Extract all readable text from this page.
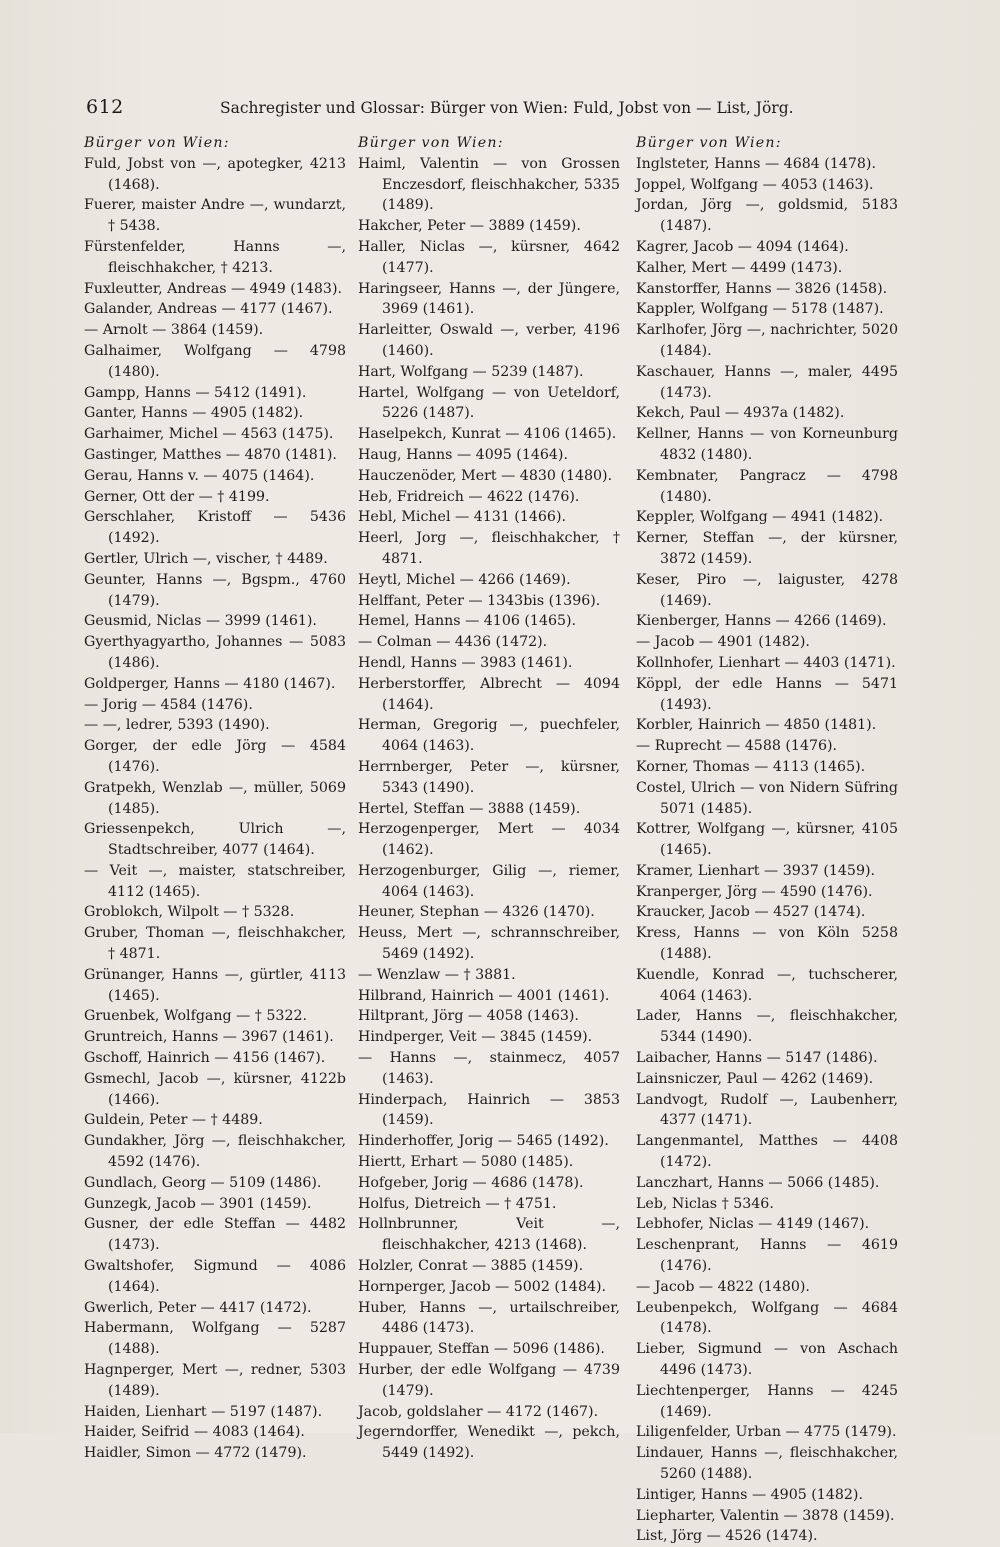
612	Sachregister und Glossar: Bürger von Wien: Fuld, Jobst von — List, Jörg.
Bürger von Wien:
Fuld, Jobst von —, apotegker, 4213 (1468).
Fuerer, maister Andre —, wundarzt, † 5438.
Fürstenfelder, Hanns —, fleischhakcher, † 4213.
Fuxleutter, Andreas — 4949 (1483).
Galander, Andreas — 4177 (1467).
— Arnolt — 3864 (1459).
Galhaimer, Wolfgang — 4798 (1480).
Gampp, Hanns — 5412 (1491).
Ganter, Hanns — 4905 (1482).
Garhaimer, Michel — 4563 (1475).
Gastinger, Matthes — 4870 (1481).
Gerau, Hanns v. — 4075 (1464).
Gerner, Ott der — † 4199.
Gerschlaher, Kristoff — 5436 (1492).
Gertler, Ulrich —, vischer, † 4489.
Geunter, Hanns —, Bgspm., 4760 (1479).
Geusmid, Niclas — 3999 (1461).
Gyerthyagyartho, Johannes — 5083 (1486).
Goldperger, Hanns — 4180 (1467).
— Jorig — 4584 (1476).
— —, ledrer, 5393 (1490).
Gorger, der edle Jörg — 4584 (1476).
Gratpekh, Wenzlab —, müller, 5069 (1485).
Griessenpekch, Ulrich —, Stadtschreiber, 4077 (1464).
— Veit —, maister, statschreiber, 4112 (1465).
Groblokch, Wilpolt — † 5328.
Gruber, Thoman —, fleischhakcher, † 4871.
Grünanger, Hanns —, gürtler, 4113 (1465).
Gruenbek, Wolfgang — † 5322.
Gruntreich, Hanns — 3967 (1461).
Gschoff, Hainrich — 4156 (1467).
Gsmechl, Jacob —, kürsner, 4122b (1466).
Guldein, Peter — † 4489.
Gundakher, Jörg —, fleischhakcher, 4592 (1476).
Gundlach, Georg — 5109 (1486).
Gunzegk, Jacob — 3901 (1459).
Gusner, der edle Steffan — 4482 (1473).
Gwaltshofer, Sigmund — 4086 (1464).
Gwerlich, Peter — 4417 (1472).
Habermann, Wolfgang — 5287 (1488).
Hagnperger, Mert —, redner, 5303 (1489).
Haiden, Lienhart — 5197 (1487).
Haider, Seifrid — 4083 (1464).
Haidler, Simon — 4772 (1479).
Bürger von Wien:
Haiml, Valentin — von Grossen Enczesdorf, fleischhakcher, 5335 (1489).
Hakcher, Peter — 3889 (1459).
Haller, Niclas —, kürsner, 4642 (1477).
Haringseer, Hanns —, der Jüngere, 3969 (1461).
Harleitter, Oswald —, verber, 4196 (1460).
Hart, Wolfgang — 5239 (1487).
Hartel, Wolfgang — von Ueteldorf, 5226 (1487).
Haselpekch, Kunrat — 4106 (1465).
Haug, Hanns — 4095 (1464).
Hauczenöder, Mert — 4830 (1480).
Heb, Fridreich — 4622 (1476).
Hebl, Michel — 4131 (1466).
Heerl, Jorg —, fleischhakcher, † 4871.
Heytl, Michel — 4266 (1469).
Helffant, Peter — 1343bis (1396).
Hemel, Hanns — 4106 (1465).
— Colman — 4436 (1472).
Hendl, Hanns — 3983 (1461).
Herberstorffer, Albrecht — 4094 (1464).
Herman, Gregorig —, puechfeler, 4064 (1463).
Herrnberger, Peter —, kürsner, 5343 (1490).
Hertel, Steffan — 3888 (1459).
Herzogenperger, Mert — 4034 (1462).
Herzogenburger, Gilig —, riemer, 4064 (1463).
Heuner, Stephan — 4326 (1470).
Heuss, Mert —, schrannschreiber, 5469 (1492).
— Wenzlaw — † 3881.
Hilbrand, Hainrich — 4001 (1461).
Hiltprant, Jörg — 4058 (1463).
Hindperger, Veit — 3845 (1459).
— Hanns —, stainmecz, 4057 (1463).
Hinderpach, Hainrich — 3853 (1459).
Hinderhoffer, Jorig — 5465 (1492).
Hiertt, Erhart — 5080 (1485).
Hofgeber, Jorig — 4686 (1478).
Holfus, Dietreich — † 4751.
Hollnbrunner, Veit —, fleischhakcher, 4213 (1468).
Holzler, Conrat — 3885 (1459).
Hornperger, Jacob — 5002 (1484).
Huber, Hanns —, urtailschreiber, 4486 (1473).
Huppauer, Steffan — 5096 (1486).
Hurber, der edle Wolfgang — 4739 (1479).
Jacob, goldslaher — 4172 (1467).
Jegerndorffer, Wenedikt —, pekch, 5449 (1492).
Bürger von Wien:
Inglsteter, Hanns — 4684 (1478).
Joppel, Wolfgang — 4053 (1463).
Jordan, Jörg —, goldsmid, 5183 (1487).
Kagrer, Jacob — 4094 (1464).
Kalher, Mert — 4499 (1473).
Kanstorffer, Hanns — 3826 (1458).
Kappler, Wolfgang — 5178 (1487).
Karlhofer, Jörg —, nachrichter, 5020 (1484).
Kaschauer, Hanns —, maler, 4495 (1473).
Kekch, Paul — 4937a (1482).
Kellner, Hanns — von Korneunburg 4832 (1480).
Kembnater, Pangracz — 4798 (1480).
Keppler, Wolfgang — 4941 (1482).
Kerner, Steffan —, der kürsner, 3872 (1459).
Keser, Piro —, laiguster, 4278 (1469).
Kienberger, Hanns — 4266 (1469).
— Jacob — 4901 (1482).
Kollnhofer, Lienhart — 4403 (1471).
Köppl, der edle Hanns — 5471 (1493).
Korbler, Hainrich — 4850 (1481).
— Ruprecht — 4588 (1476).
Korner, Thomas — 4113 (1465).
Costel, Ulrich — von Nidern Süfring 5071 (1485).
Kottrer, Wolfgang —, kürsner, 4105 (1465).
Kramer, Lienhart — 3937 (1459).
Kranperger, Jörg — 4590 (1476).
Kraucker, Jacob — 4527 (1474).
Kress, Hanns — von Köln 5258 (1488).
Kuendle, Konrad —, tuchscherer, 4064 (1463).
Lader, Hanns —, fleischhakcher, 5344 (1490).
Laibacher, Hanns — 5147 (1486).
Lainsniczer, Paul — 4262 (1469).
Landvogt, Rudolf —, Laubenherr, 4377 (1471).
Langenmantel, Matthes — 4408 (1472).
Lanczhart, Hanns — 5066 (1485).
Leb, Niclas † 5346.
Lebhofer, Niclas — 4149 (1467).
Leschenprant, Hanns — 4619 (1476).
— Jacob — 4822 (1480).
Leubenpekch, Wolfgang — 4684 (1478).
Lieber, Sigmund — von Aschach 4496 (1473).
Liechtenperger, Hanns — 4245 (1469).
Liligenfelder, Urban — 4775 (1479).
Lindauer, Hanns —, fleischhakcher, 5260 (1488).
Lintiger, Hanns — 4905 (1482).
Liepharter, Valentin — 3878 (1459).
List, Jörg — 4526 (1474).
